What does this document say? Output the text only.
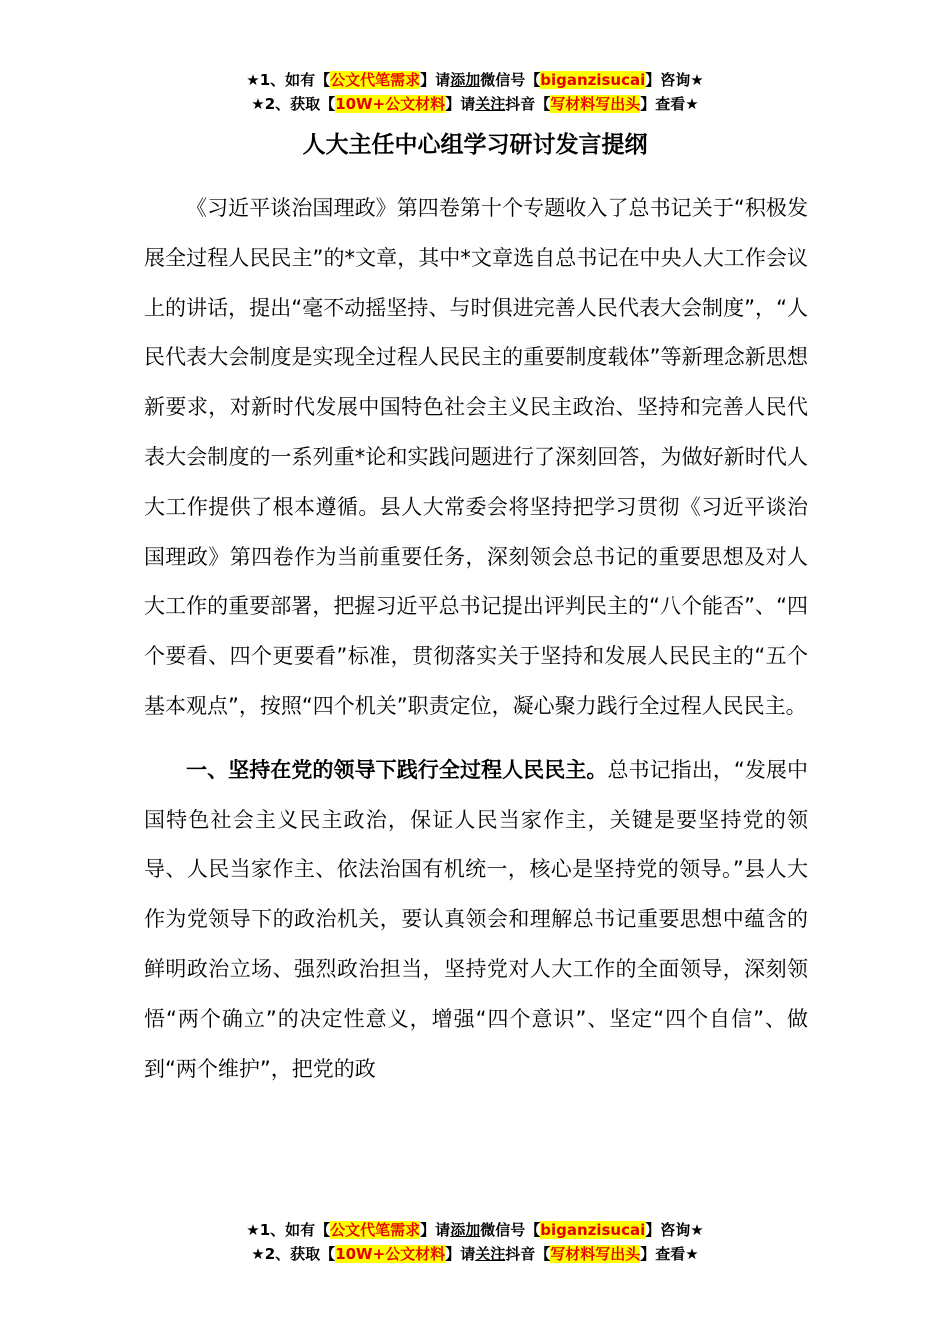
★1、如有【公文代笔需求】请添加微信号【biganzisucai】咨询★
★2、获取【10W+公文材料】请关注抖音【写材料写出头】查看★
人大主任中心组学习研讨发言提纲

《习近平谈治国理政》第四卷第十个专题收入了总书记关于“积极发展全过程人民民主”的*文章，其中*文章选自总书记在中央人大工作会议上的讲话，提出“毫不动摇坚持、与时俱进完善人民代表大会制度”，“人民代表大会制度是实现全过程人民民主的重要制度载体”等新理念新思想新要求，对新时代发展中国特色社会主义民主政治、坚持和完善人民代表大会制度的一系列重*论和实践问题进行了深刻回答，为做好新时代人大工作提供了根本遵循。县人大常委会将坚持把学习贯彻《习近平谈治国理政》第四卷作为当前重要任务，深刻领会总书记的重要思想及对人大工作的重要部署，把握习近平总书记提出评判民主的“八个能否”、“四个要看、四个更要看”标准，贯彻落实关于坚持和发展人民民主的“五个基本观点”，按照“四个机关”职责定位，凝心聚力践行全过程人民民主。

一、坚持在党的领导下践行全过程人民民主。总书记指出，“发展中国特色社会主义民主政治，保证人民当家作主，关键是要坚持党的领导、人民当家作主、依法治国有机统一，核心是坚持党的领导。”县人大作为党领导下的政治机关，要认真领会和理解总书记重要思想中蕴含的鲜明政治立场、强烈政治担当，坚持党对人大工作的全面领导，深刻领悟“两个确立”的决定性意义，增强“四个意识”、坚定“四个自信”、做到“两个维护”，把党的政

★1、如有【公文代笔需求】请添加微信号【biganzisucai】咨询★
★2、获取【10W+公文材料】请关注抖音【写材料写出头】查看★
